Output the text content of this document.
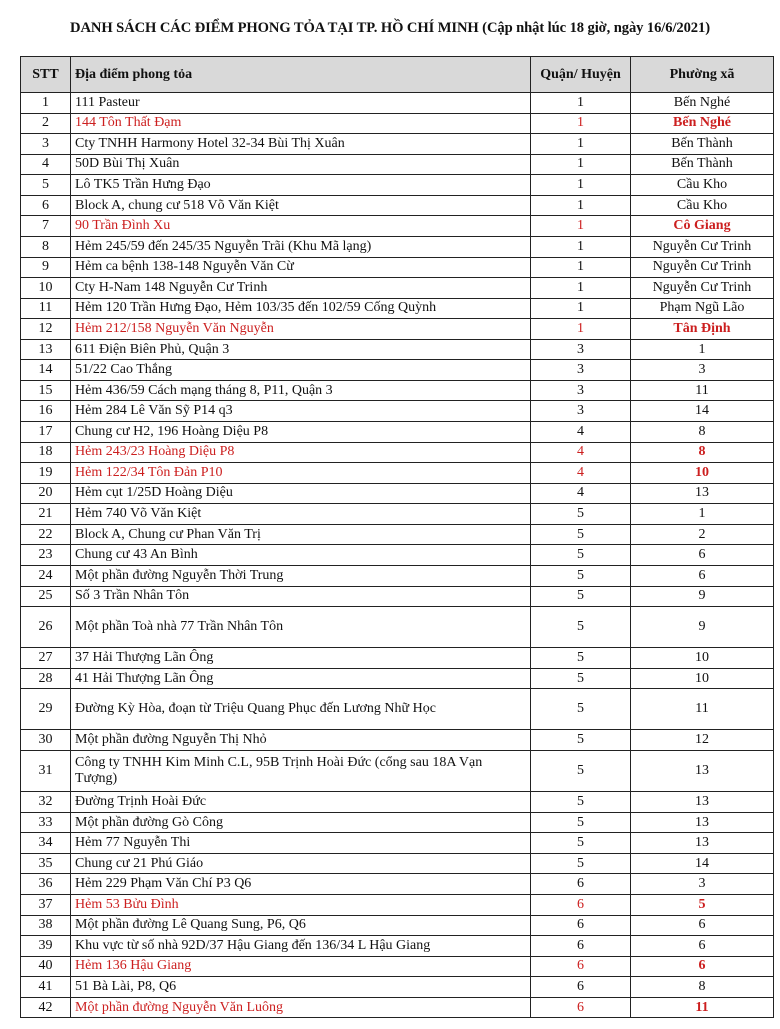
DANH SÁCH CÁC ĐIỂM PHONG TỎA TẠI TP. HỒ CHÍ MINH (Cập nhật lúc 18 giờ, ngày 16/6/2021)
STT	Địa điểm phong tỏa	Quận/ Huyện	Phường xã
1	111 Pasteur	1	Bến Nghé
2	144 Tôn Thất Đạm	1	Bến Nghé
3	Cty TNHH Harmony Hotel 32-34 Bùi Thị Xuân	1	Bến Thành
4	50D Bùi Thị Xuân	1	Bến Thành
5	Lô TK5 Trần Hưng Đạo	1	Cầu Kho
6	Block A, chung cư 518 Võ Văn Kiệt	1	Cầu Kho
7	90 Trần Đình Xu	1	Cô Giang
8	Hẻm 245/59 đến 245/35 Nguyễn Trãi (Khu Mã lạng)	1	Nguyễn Cư Trinh
9	Hẻm ca bệnh 138-148 Nguyễn Văn Cừ	1	Nguyễn Cư Trinh
10	Cty H-Nam 148 Nguyễn Cư Trinh	1	Nguyễn Cư Trinh
11	Hẻm 120 Trần Hưng Đạo, Hẻm 103/35 đến 102/59 Cống Quỳnh	1	Phạm Ngũ Lão
12	Hẻm 212/158 Nguyễn Văn Nguyễn	1	Tân Định
13	611 Điện Biên Phủ, Quận 3	3	1
14	51/22 Cao Thắng	3	3
15	Hẻm 436/59 Cách mạng tháng 8, P11, Quận 3	3	11
16	Hẻm 284 Lê Văn Sỹ P14 q3	3	14
17	Chung cư H2, 196 Hoàng Diệu P8	4	8
18	Hẻm 243/23 Hoàng Diệu P8	4	8
19	Hẻm 122/34 Tôn Đản P10	4	10
20	Hẻm cụt 1/25D Hoàng Diệu	4	13
21	Hẻm 740 Võ Văn Kiệt	5	1
22	Block A, Chung cư Phan Văn Trị	5	2
23	Chung cư 43 An Bình	5	6
24	Một phần đường Nguyễn Thời Trung	5	6
25	Số 3 Trần Nhân Tôn	5	9
26	Một phần Toà nhà 77 Trần Nhân Tôn	5	9
27	37 Hải Thượng Lãn Ông	5	10
28	41 Hải Thượng Lãn Ông	5	10
29	Đường Kỳ Hòa, đoạn từ Triệu Quang Phục đến Lương Nhữ Học	5	11
30	Một phần đường Nguyễn Thị Nhỏ	5	12
31	Công ty TNHH Kim Minh C.L, 95B Trịnh Hoài Đức (cổng sau 18A Vạn Tượng)	5	13
32	Đường Trịnh Hoài Đức	5	13
33	Một phần đường Gò Công	5	13
34	Hẻm 77 Nguyễn Thi	5	13
35	Chung cư 21 Phú Giáo	5	14
36	Hẻm 229 Phạm Văn Chí P3 Q6	6	3
37	Hẻm 53 Bửu Đình	6	5
38	Một phần đường Lê Quang Sung, P6, Q6	6	6
39	Khu vực từ số nhà 92D/37 Hậu Giang đến 136/34 L Hậu Giang	6	6
40	Hẻm 136 Hậu Giang	6	6
41	51 Bà Lài, P8, Q6	6	8
42	Một phần đường Nguyễn Văn Luông	6	11
